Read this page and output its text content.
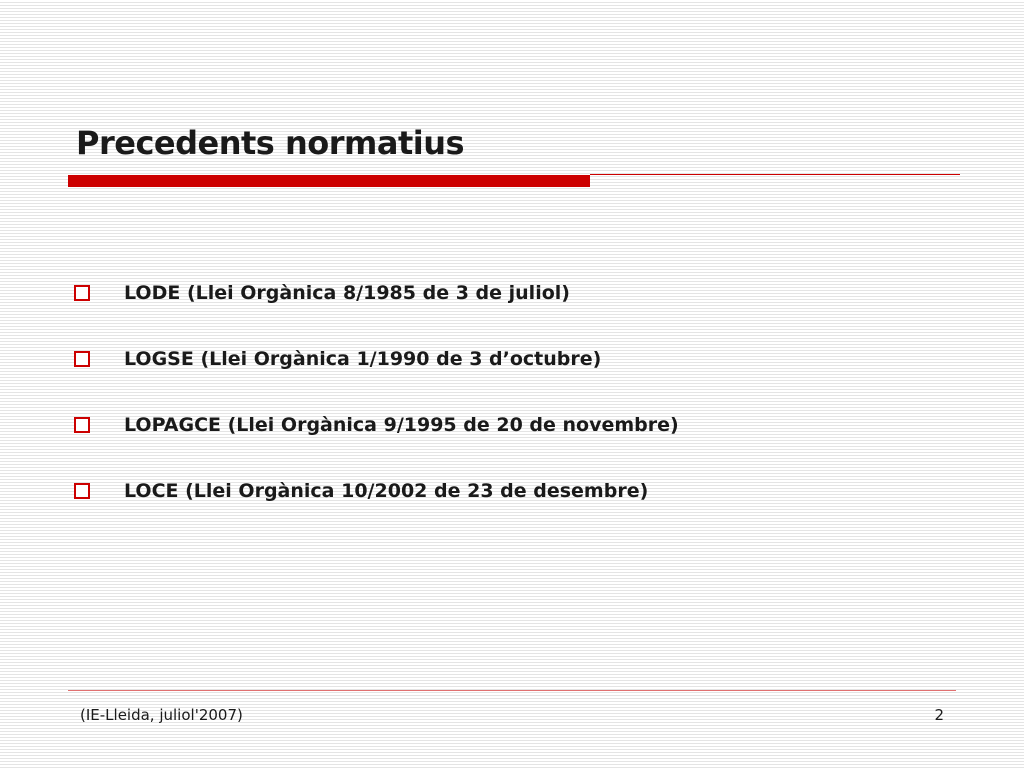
Precedents normatius
LODE (Llei Orgànica 8/1985 de 3 de juliol)
LOGSE (Llei Orgànica 1/1990 de 3 d’octubre)
LOPAGCE (Llei Orgànica 9/1995 de 20 de novembre)
LOCE (Llei Orgànica 10/2002 de 23 de desembre)
(IE-Lleida, juliol'2007)	2
